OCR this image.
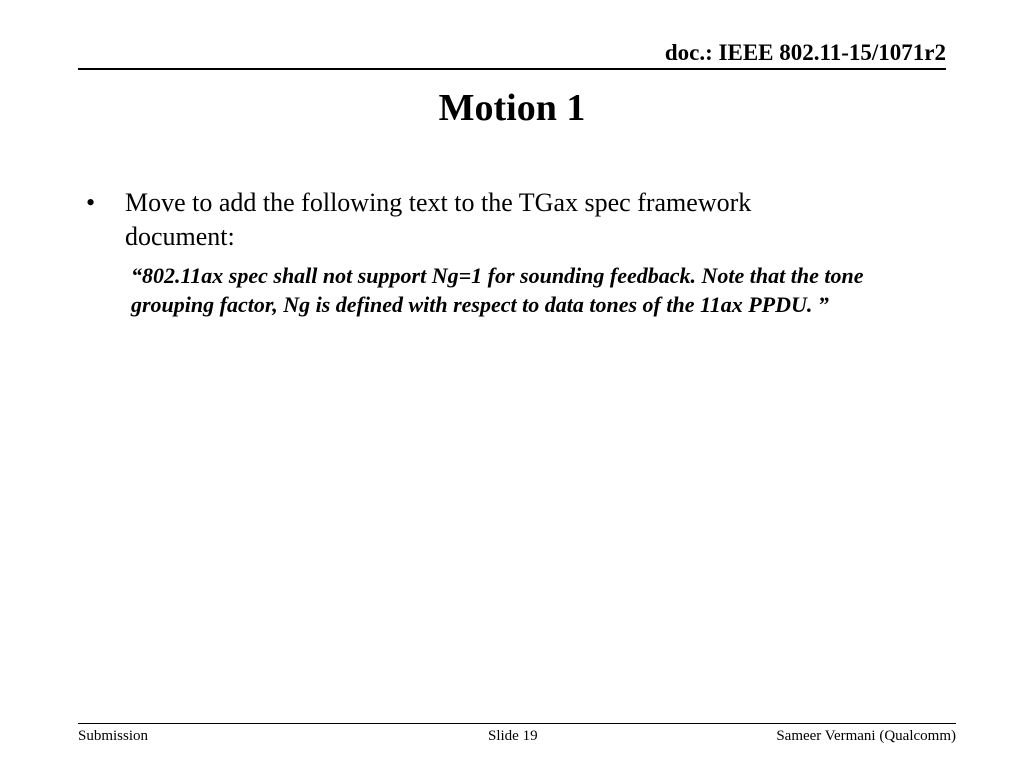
doc.: IEEE 802.11-15/1071r2
Motion 1
• Move to add the following text to the TGax spec framework document:
“802.11ax spec shall not support Ng=1 for sounding feedback. Note that the tone grouping factor, Ng is defined with respect to data tones of the 11ax PPDU. ”
Submission	Slide 19	Sameer Vermani (Qualcomm)
